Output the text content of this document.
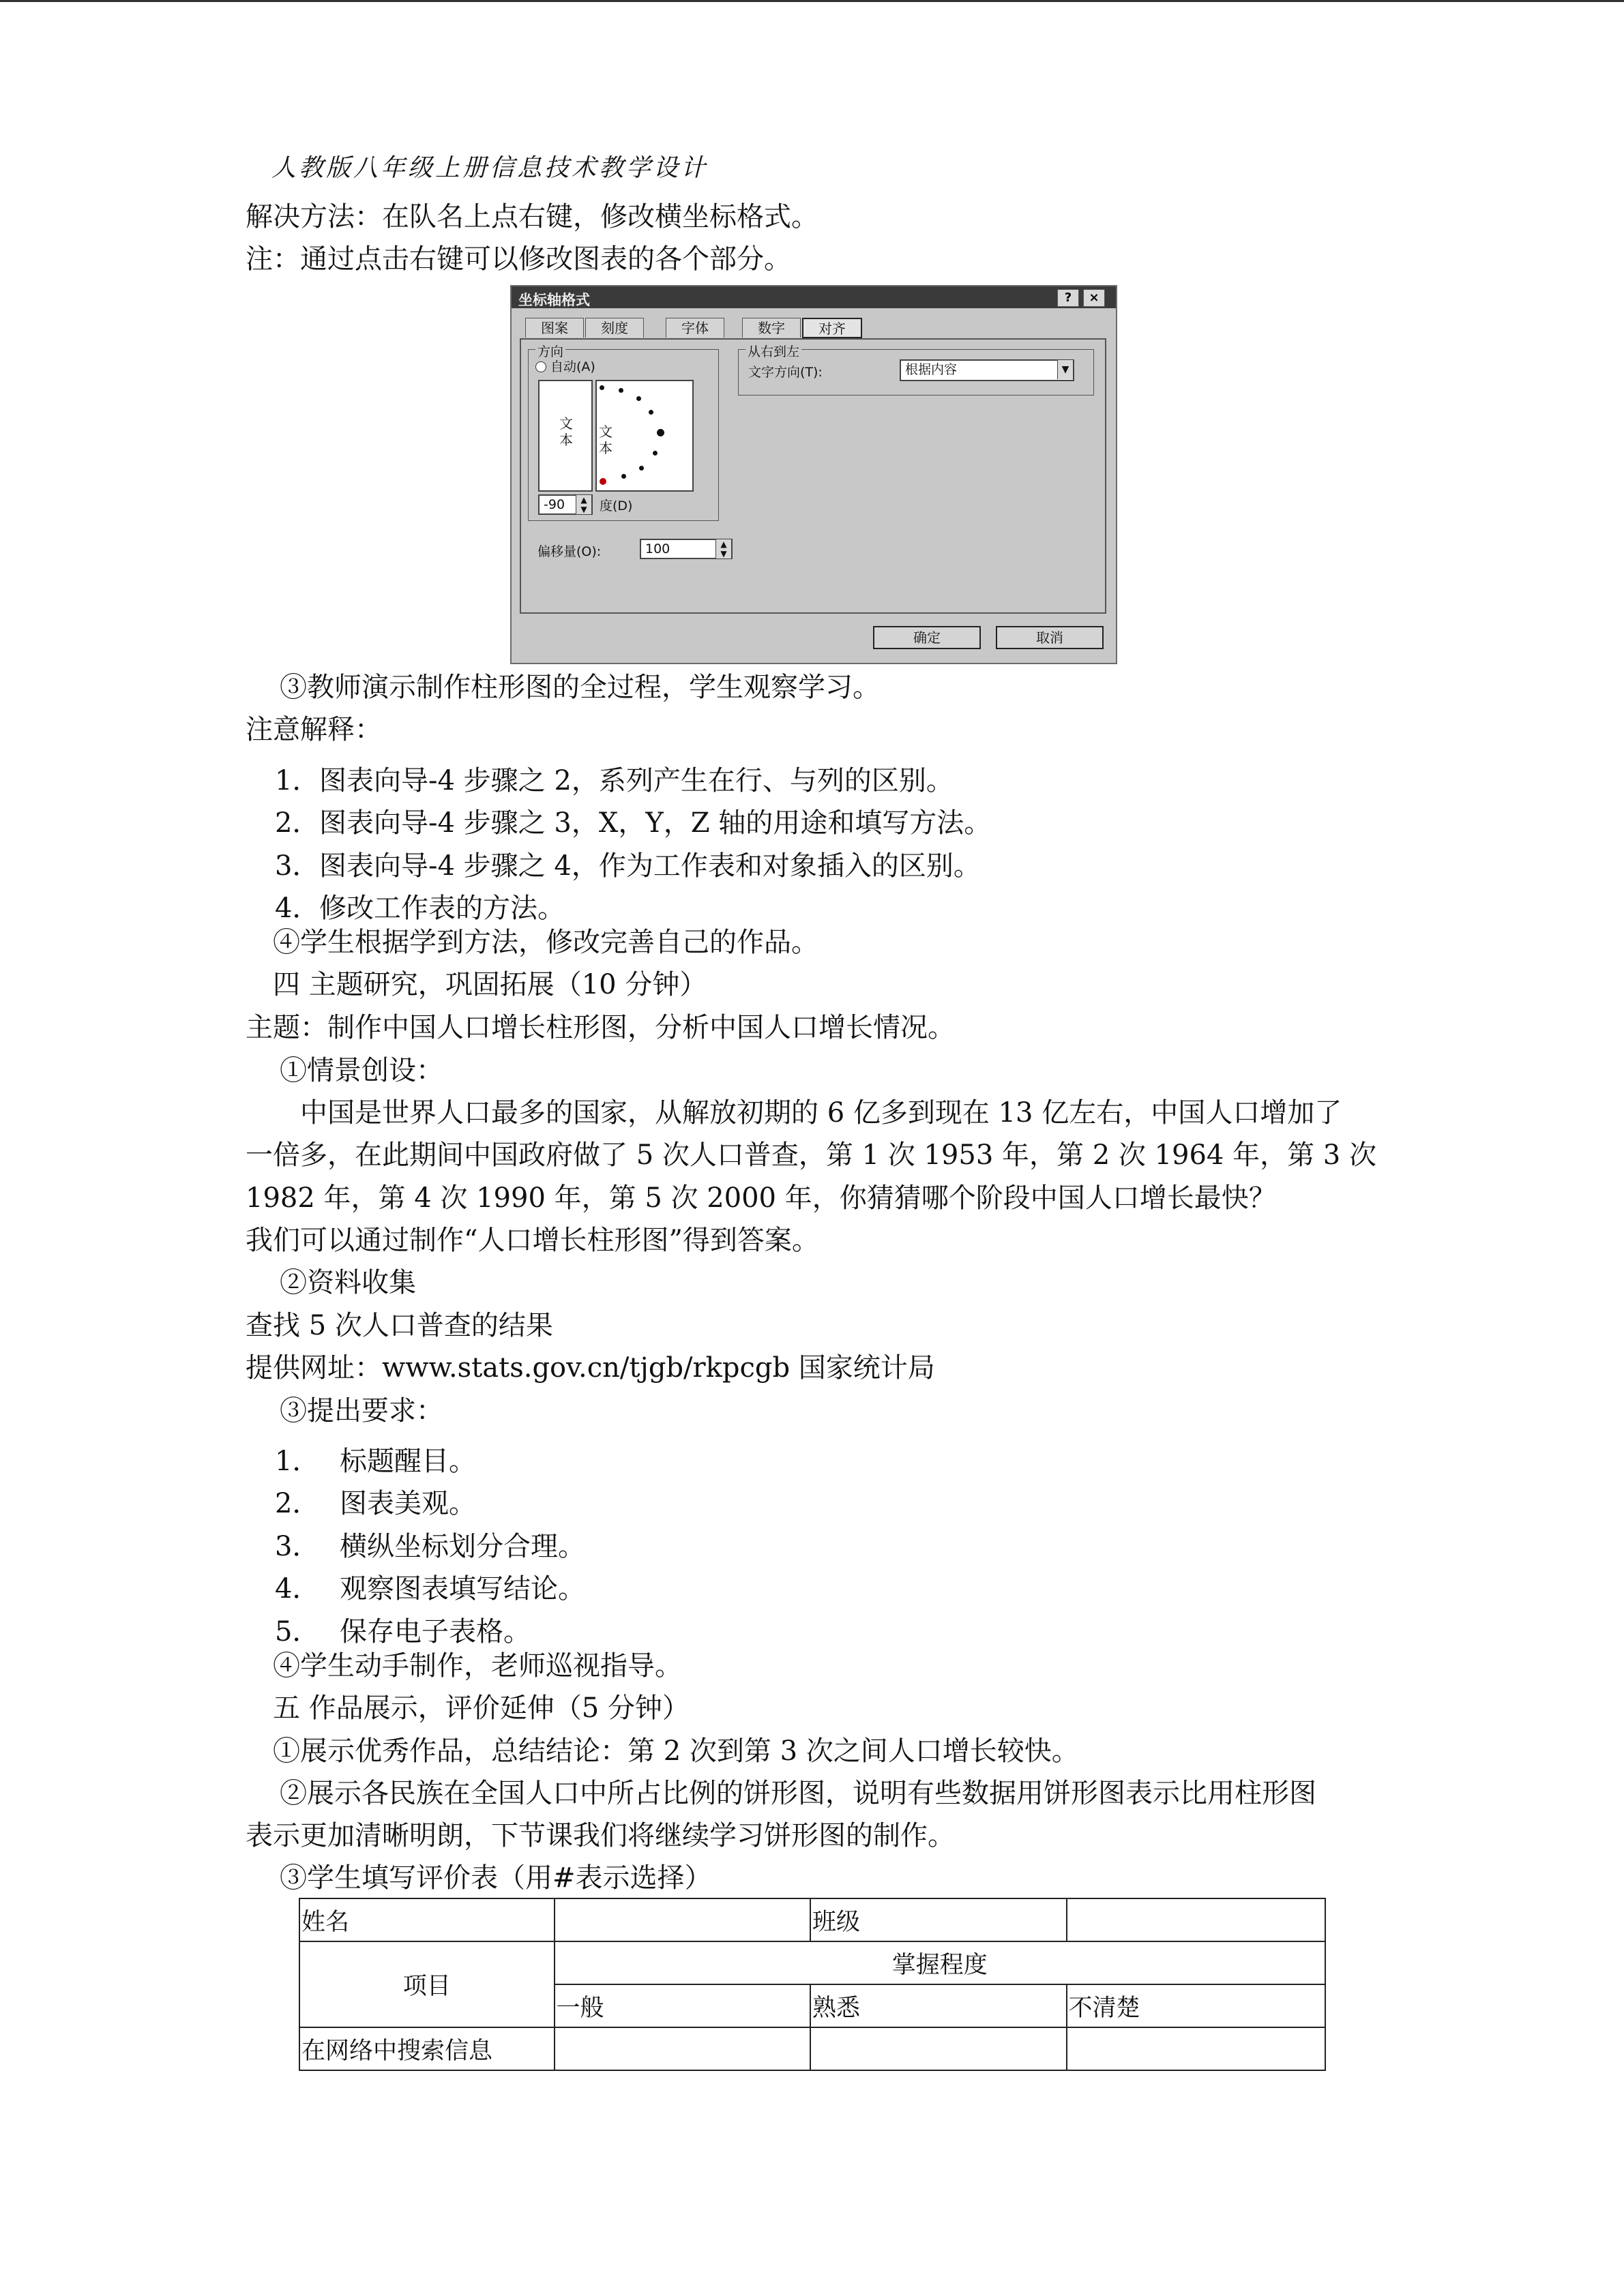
人教版八年级上册信息技术教学设计
解决方法：在队名上点右键，修改横坐标格式。
注：通过点击右键可以修改图表的各个部分。
坐标轴格式	?	×
图案	刻度	字体	数字	对齐
方向
自动(A)
文本 文本
-90	▲
▼ 度(D)
从右到左
文字方向(T):	根据内容	▼
偏移量(O):	100	▲
▼
确定	取消
③教师演示制作柱形图的全过程，学生观察学习。
注意解释：
1． 图表向导-4 步骤之 2，系列产生在行、与列的区别。
2． 图表向导-4 步骤之 3，X，Y，Z 轴的用途和填写方法。
3． 图表向导-4 步骤之 4，作为工作表和对象插入的区别。
4． 修改工作表的方法。
④学生根据学到方法，修改完善自己的作品。
四 主题研究，巩固拓展（10 分钟）
主题：制作中国人口增长柱形图，分析中国人口增长情况。
①情景创设：
中国是世界人口最多的国家，从解放初期的 6 亿多到现在 13 亿左右，中国人口增加了
一倍多，在此期间中国政府做了 5 次人口普查，第 1 次 1953 年，第 2 次 1964 年，第 3 次
1982 年，第 4 次 1990 年，第 5 次 2000 年，你猜猜哪个阶段中国人口增长最快？
我们可以通过制作“人口增长柱形图”得到答案。
②资料收集
查找 5 次人口普查的结果
提供网址：www.stats.gov.cn/tjgb/rkpcgb 国家统计局
③提出要求：
1． 标题醒目。
2． 图表美观。
3． 横纵坐标划分合理。
4． 观察图表填写结论。
5． 保存电子表格。
④学生动手制作，老师巡视指导。
五 作品展示，评价延伸（5 分钟）
①展示优秀作品，总结结论：第 2 次到第 3 次之间人口增长较快。
②展示各民族在全国人口中所占比例的饼形图，说明有些数据用饼形图表示比用柱形图
表示更加清晰明朗，下节课我们将继续学习饼形图的制作。
③学生填写评价表（用#表示选择）
姓名		班级	
项目	掌握程度		
	一般	熟悉	不清楚
在网络中搜索信息			
